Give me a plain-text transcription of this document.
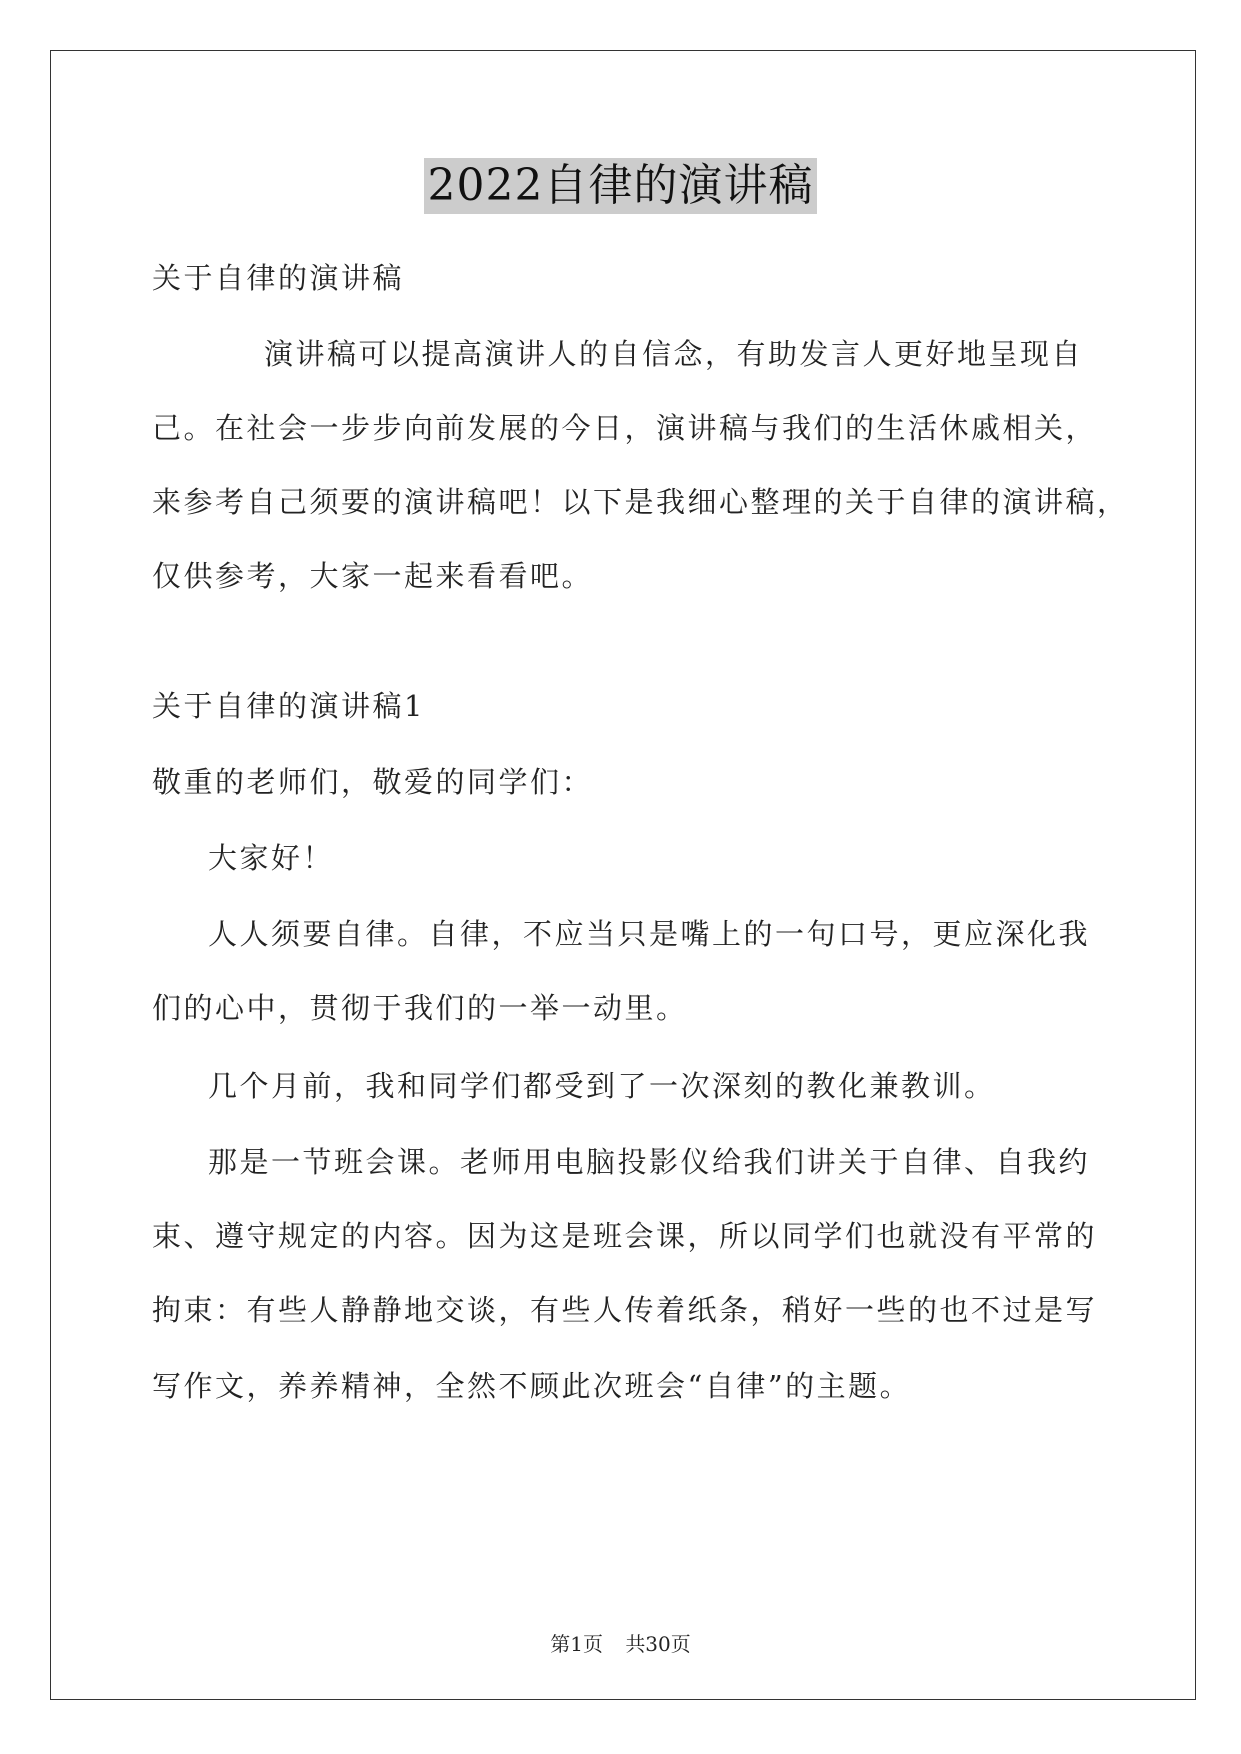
2022自律的演讲稿
关于自律的演讲稿
演讲稿可以提高演讲人的自信念，有助发言人更好地呈现自
己。在社会一步步向前发展的今日，演讲稿与我们的生活休戚相关，
来参考自己须要的演讲稿吧！以下是我细心整理的关于自律的演讲稿，
仅供参考，大家一起来看看吧。
关于自律的演讲稿1
敬重的老师们，敬爱的同学们：
大家好！
人人须要自律。自律，不应当只是嘴上的一句口号，更应深化我
们的心中，贯彻于我们的一举一动里。
几个月前，我和同学们都受到了一次深刻的教化兼教训。
那是一节班会课。老师用电脑投影仪给我们讲关于自律、自我约
束、遵守规定的内容。因为这是班会课，所以同学们也就没有平常的
拘束：有些人静静地交谈，有些人传着纸条，稍好一些的也不过是写
写作文，养养精神，全然不顾此次班会“自律”的主题。
第1页 共30页
